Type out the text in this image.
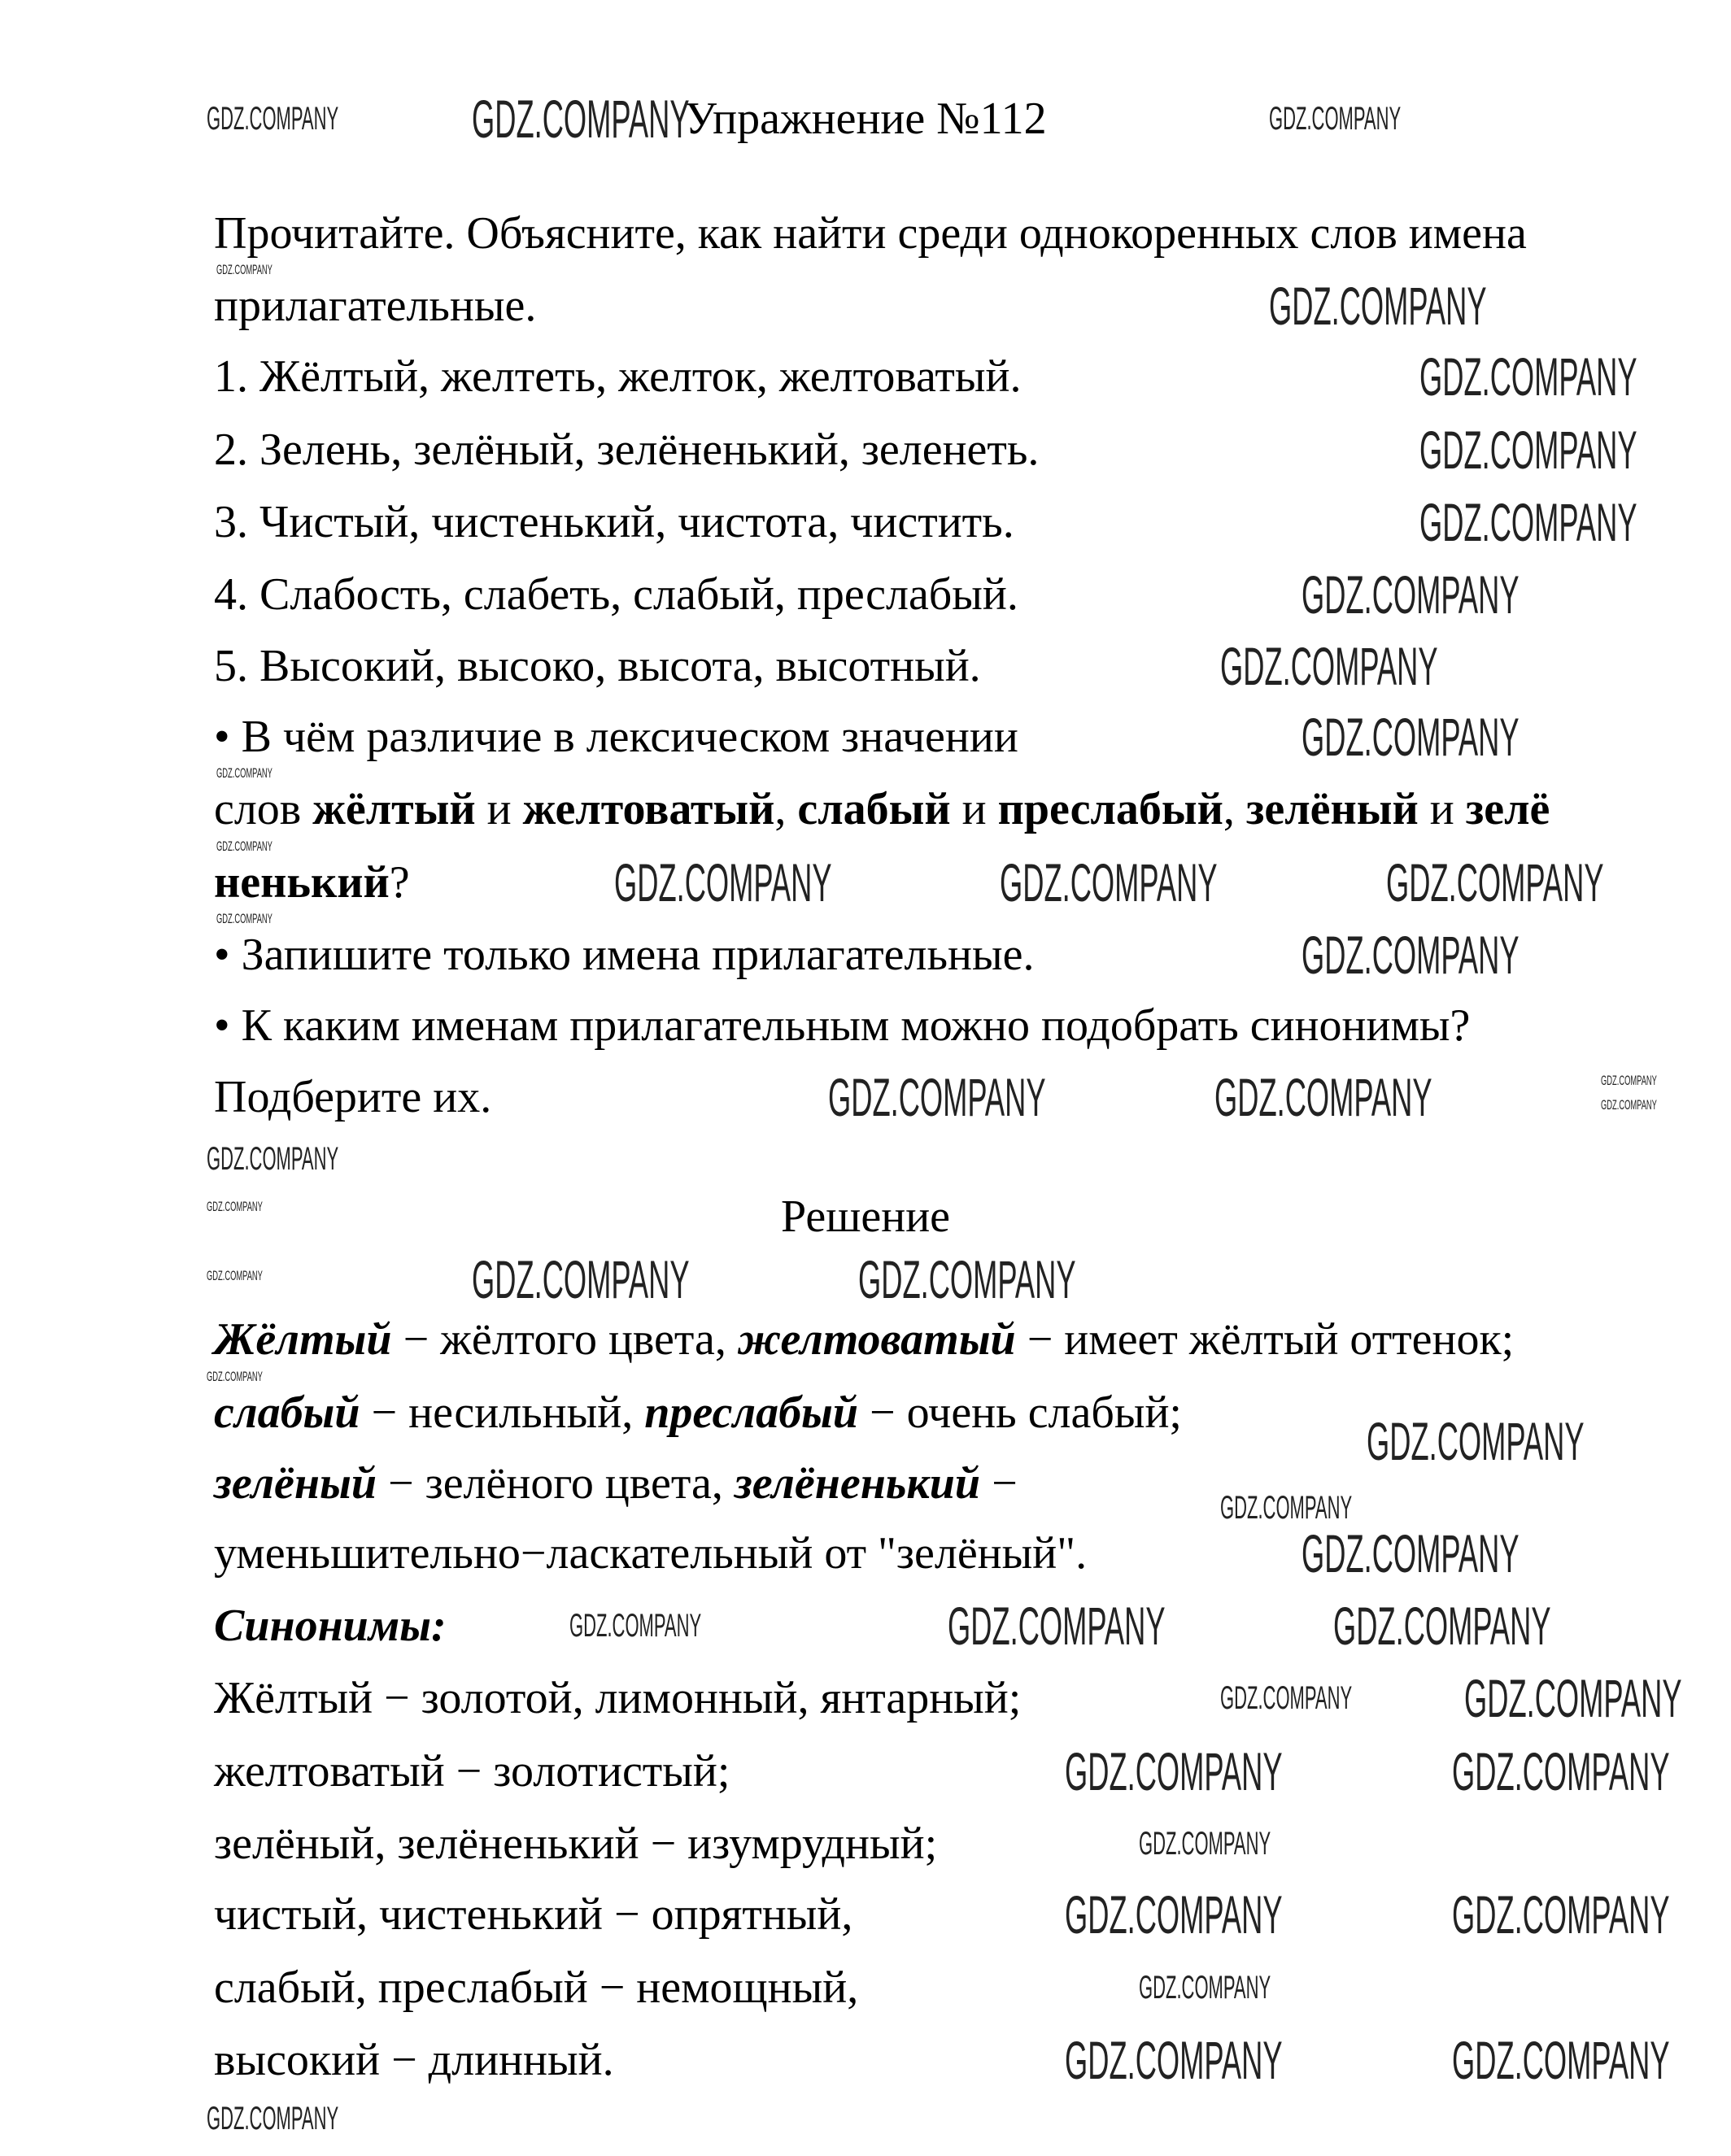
Упражнение №112
Прочитайте. Объясните, как найти среди однокоренных слов имена
прилагательные.
1. Жёлтый, желтеть, желток, желтоватый.
2. Зелень, зелёный, зелёненький, зеленеть.
3. Чистый, чистенький, чистота, чистить.
4. Слабость, слабеть, слабый, преслабый.
5. Высокий, высоко, высота, высотный.
• В чём различие в лексическом значении
слов жёлтый и желтоватый, слабый и преслабый, зелёный и зелё
ненький?
• Запишите только имена прилагательные.
• К каким именам прилагательным можно подобрать синонимы?
Подберите их.
Решение
Жёлтый − жёлтого цвета, желтоватый − имеет жёлтый оттенок;
слабый − несильный, преслабый − очень слабый;
зелёный − зелёного цвета, зелёненький −
уменьшительно−ласкательный от "зелёный".
Синонимы:
Жёлтый − золотой, лимонный, янтарный;
желтоватый − золотистый;
зелёный, зелёненький − изумрудный;
чистый, чистенький − опрятный,
слабый, преслабый − немощный,
высокий − длинный.
GDZ.COMPANY GDZ.COMPANY	GDZ.COMPANY
GDZ.COMPANY
GDZ.COMPANY
GDZ.COMPANY
GDZ.COMPANY
GDZ.COMPANY
GDZ.COMPANY
GDZ.COMPANY
GDZ.COMPANY
GDZ.COMPANY
GDZ.COMPANY
GDZ.COMPANY
GDZ.COMPANY	GDZ.COMPANY	GDZ.COMPANY
GDZ.COMPANY
GDZ.COMPANY	GDZ.COMPANY	GDZ.COMPANY
GDZ.COMPANY
GDZ.COMPANY
GDZ.COMPANY
GDZ.COMPANY	GDZ.COMPANY
GDZ.COMPANY
GDZ.COMPANY
GDZ.COMPANY
GDZ.COMPANY
GDZ.COMPANY
GDZ.COMPANY	GDZ.COMPANY	GDZ.COMPANY
GDZ.COMPANY GDZ.COMPANY
GDZ.COMPANY	GDZ.COMPANY
GDZ.COMPANY
GDZ.COMPANY	GDZ.COMPANY
GDZ.COMPANY
GDZ.COMPANY	GDZ.COMPANY
GDZ.COMPANY
